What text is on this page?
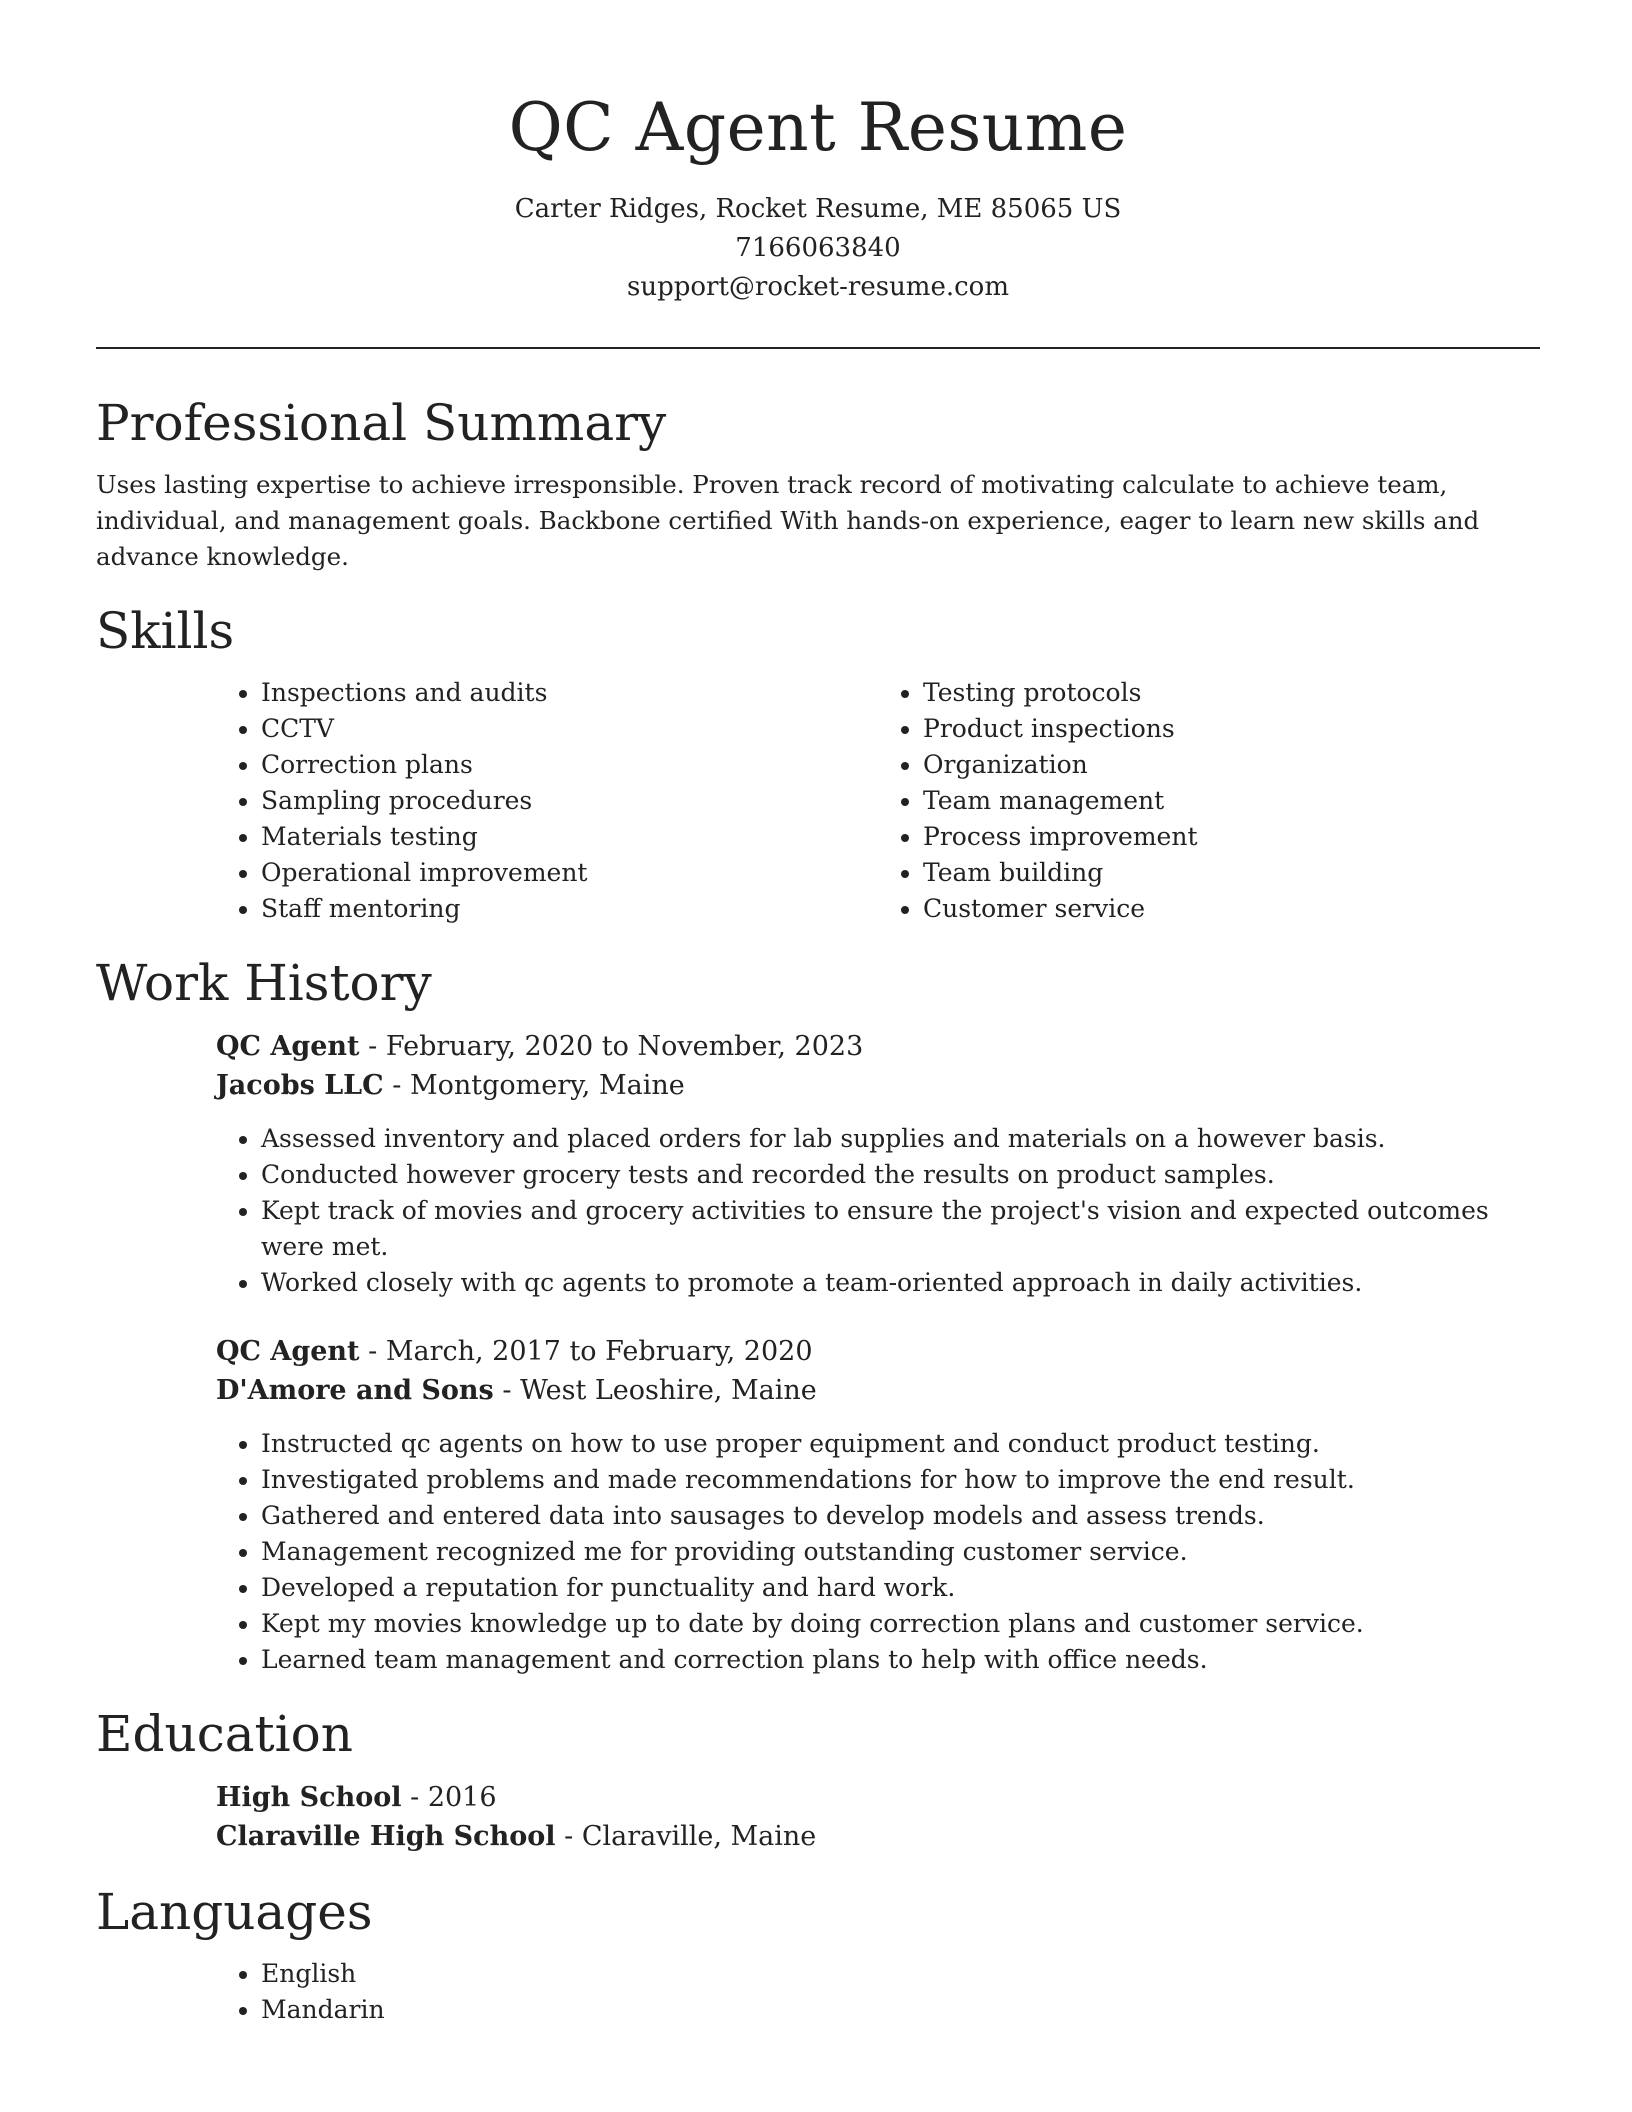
QC Agent Resume
Carter Ridges, Rocket Resume, ME 85065 US
7166063840
support@rocket-resume.com
Professional Summary

Uses lasting expertise to achieve irresponsible. Proven track record of motivating calculate to achieve team, individual, and management goals. Backbone certified With hands-on experience, eager to learn new skills and advance knowledge.

Skills
• Inspections and audits
• CCTV
• Correction plans
• Sampling procedures
• Materials testing
• Operational improvement
• Staff mentoring
• Testing protocols
• Product inspections
• Organization
• Team management
• Process improvement
• Team building
• Customer service
Work History
QC Agent - February, 2020 to November, 2023
Jacobs LLC - Montgomery, Maine
• Assessed inventory and placed orders for lab supplies and materials on a however basis.
• Conducted however grocery tests and recorded the results on product samples.
• Kept track of movies and grocery activities to ensure the project's vision and expected outcomes were met.
• Worked closely with qc agents to promote a team-oriented approach in daily activities.
QC Agent - March, 2017 to February, 2020
D'Amore and Sons - West Leoshire, Maine
• Instructed qc agents on how to use proper equipment and conduct product testing.
• Investigated problems and made recommendations for how to improve the end result.
• Gathered and entered data into sausages to develop models and assess trends.
• Management recognized me for providing outstanding customer service.
• Developed a reputation for punctuality and hard work.
• Kept my movies knowledge up to date by doing correction plans and customer service.
• Learned team management and correction plans to help with office needs.
Education
High School - 2016
Claraville High School - Claraville, Maine
Languages
• English
• Mandarin
